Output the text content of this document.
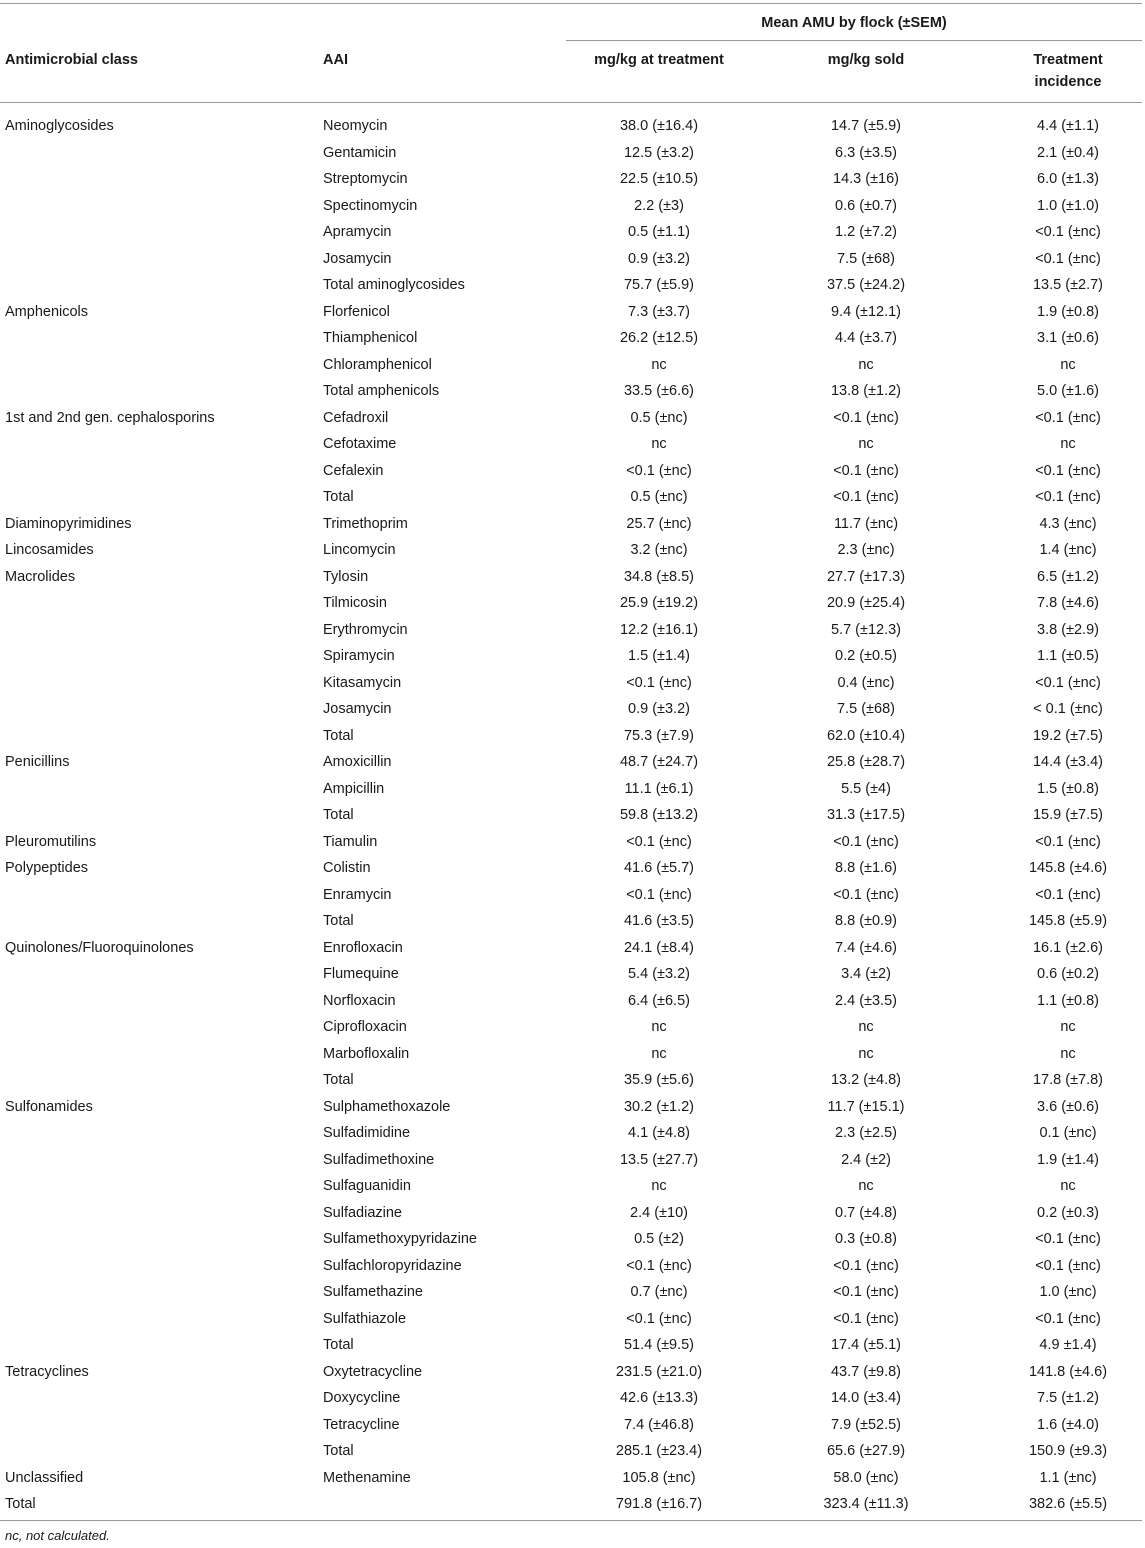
Mean AMU by flock (±SEM)
Antimicrobial class	AAI	mg/kg at treatment	mg/kg sold	Treatment
incidence
Aminoglycosides	Neomycin	38.0 (±16.4)	14.7 (±5.9)	4.4 (±1.1)
Gentamicin	12.5 (±3.2)	6.3 (±3.5)	2.1 (±0.4)
Streptomycin	22.5 (±10.5)	14.3 (±16)	6.0 (±1.3)
Spectinomycin	2.2 (±3)	0.6 (±0.7)	1.0 (±1.0)
Apramycin	0.5 (±1.1)	1.2 (±7.2)	<0.1 (±nc)
Josamycin	0.9 (±3.2)	7.5 (±68)	<0.1 (±nc)
Total aminoglycosides	75.7 (±5.9)	37.5 (±24.2)	13.5 (±2.7)
Amphenicols	Florfenicol	7.3 (±3.7)	9.4 (±12.1)	1.9 (±0.8)
Thiamphenicol	26.2 (±12.5)	4.4 (±3.7)	3.1 (±0.6)
Chloramphenicol	nc	nc	nc
Total amphenicols	33.5 (±6.6)	13.8 (±1.2)	5.0 (±1.6)
1st and 2nd gen. cephalosporins	Cefadroxil	0.5 (±nc)	<0.1 (±nc)	<0.1 (±nc)
Cefotaxime	nc	nc	nc
Cefalexin	<0.1 (±nc)	<0.1 (±nc)	<0.1 (±nc)
Total	0.5 (±nc)	<0.1 (±nc)	<0.1 (±nc)
Diaminopyrimidines	Trimethoprim	25.7 (±nc)	11.7 (±nc)	4.3 (±nc)
Lincosamides	Lincomycin	3.2 (±nc)	2.3 (±nc)	1.4 (±nc)
Macrolides	Tylosin	34.8 (±8.5)	27.7 (±17.3)	6.5 (±1.2)
Tilmicosin	25.9 (±19.2)	20.9 (±25.4)	7.8 (±4.6)
Erythromycin	12.2 (±16.1)	5.7 (±12.3)	3.8 (±2.9)
Spiramycin	1.5 (±1.4)	0.2 (±0.5)	1.1 (±0.5)
Kitasamycin	<0.1 (±nc)	0.4 (±nc)	<0.1 (±nc)
Josamycin	0.9 (±3.2)	7.5 (±68)	< 0.1 (±nc)
Total	75.3 (±7.9)	62.0 (±10.4)	19.2 (±7.5)
Penicillins	Amoxicillin	48.7 (±24.7)	25.8 (±28.7)	14.4 (±3.4)
Ampicillin	11.1 (±6.1)	5.5 (±4)	1.5 (±0.8)
Total	59.8 (±13.2)	31.3 (±17.5)	15.9 (±7.5)
Pleuromutilins	Tiamulin	<0.1 (±nc)	<0.1 (±nc)	<0.1 (±nc)
Polypeptides	Colistin	41.6 (±5.7)	8.8 (±1.6)	145.8 (±4.6)
Enramycin	<0.1 (±nc)	<0.1 (±nc)	<0.1 (±nc)
Total	41.6 (±3.5)	8.8 (±0.9)	145.8 (±5.9)
Quinolones/Fluoroquinolones	Enrofloxacin	24.1 (±8.4)	7.4 (±4.6)	16.1 (±2.6)
Flumequine	5.4 (±3.2)	3.4 (±2)	0.6 (±0.2)
Norfloxacin	6.4 (±6.5)	2.4 (±3.5)	1.1 (±0.8)
Ciprofloxacin	nc	nc	nc
Marbofloxalin	nc	nc	nc
Total	35.9 (±5.6)	13.2 (±4.8)	17.8 (±7.8)
Sulfonamides	Sulphamethoxazole	30.2 (±1.2)	11.7 (±15.1)	3.6 (±0.6)
Sulfadimidine	4.1 (±4.8)	2.3 (±2.5)	0.1 (±nc)
Sulfadimethoxine	13.5 (±27.7)	2.4 (±2)	1.9 (±1.4)
Sulfaguanidin	nc	nc	nc
Sulfadiazine	2.4 (±10)	0.7 (±4.8)	0.2 (±0.3)
Sulfamethoxypyridazine	0.5 (±2)	0.3 (±0.8)	<0.1 (±nc)
Sulfachloropyridazine	<0.1 (±nc)	<0.1 (±nc)	<0.1 (±nc)
Sulfamethazine	0.7 (±nc)	<0.1 (±nc)	1.0 (±nc)
Sulfathiazole	<0.1 (±nc)	<0.1 (±nc)	<0.1 (±nc)
Total	51.4 (±9.5)	17.4 (±5.1)	4.9 ±1.4)
Tetracyclines	Oxytetracycline	231.5 (±21.0)	43.7 (±9.8)	141.8 (±4.6)
Doxycycline	42.6 (±13.3)	14.0 (±3.4)	7.5 (±1.2)
Tetracycline	7.4 (±46.8)	7.9 (±52.5)	1.6 (±4.0)
Total	285.1 (±23.4)	65.6 (±27.9)	150.9 (±9.3)
Unclassified	Methenamine	105.8 (±nc)	58.0 (±nc)	1.1 (±nc)
Total	791.8 (±16.7)	323.4 (±11.3)	382.6 (±5.5)
nc, not calculated.
